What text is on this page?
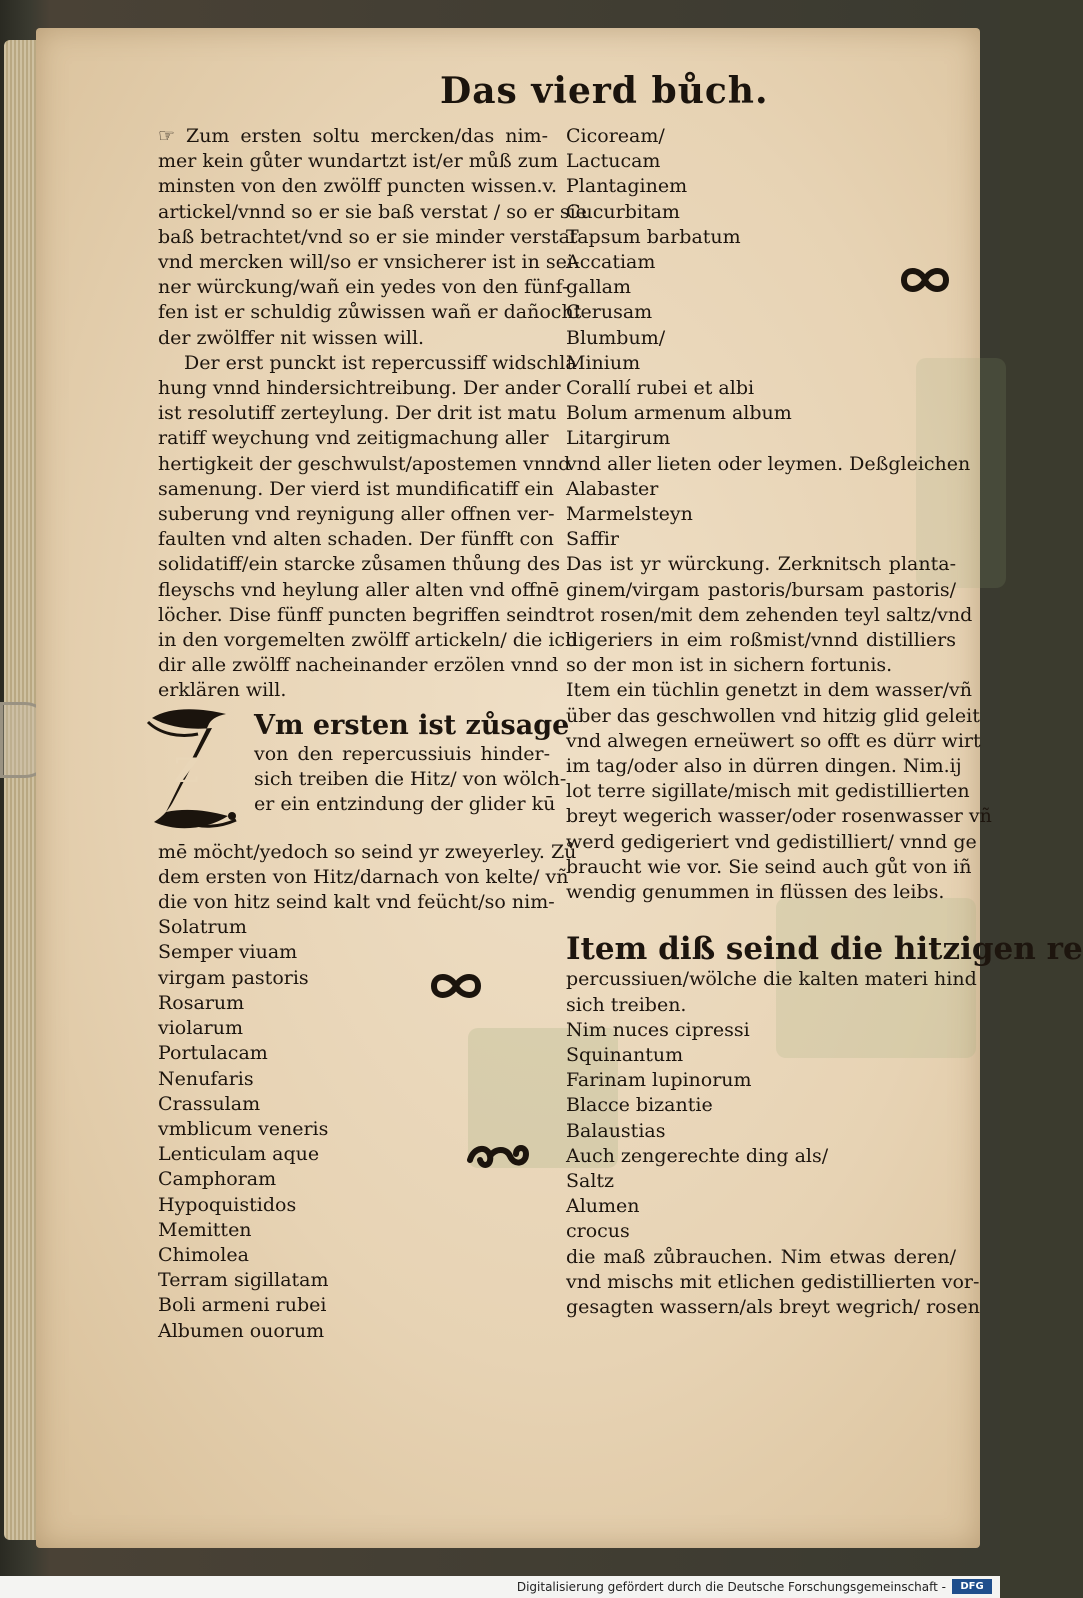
Das vierd bůch.
☞ Zum ersten soltu mercken/das nim-
mer kein gůter wundartzt ist/er můß zum
minsten von den zwölff puncten wissen.v.
artickel/vnnd so er sie baß verstat / so er sie
baß betrachtet/vnd so er sie minder verstat
vnd mercken will/so er vnsicherer ist in sei-
ner würckung/wañ ein yedes von den fünf-
fen ist er schuldig zůwissen wañ er dañocht
der zwölffer nit wissen will.
Der erst punckt ist repercussiff widschla
hung vnnd hindersichtreibung. Der ander
ist resolutiff zerteylung. Der drit ist matu
ratiff weychung vnd zeitigmachung aller
hertigkeit der geschwulst/apostemen vnnd
samenung. Der vierd ist mundificatiff ein
suberung vnd reynigung aller offnen ver-
faulten vnd alten schaden. Der fünfft con
solidatiff/ein starcke zůsamen thůung des
fleyschs vnd heylung aller alten vnd offnē
löcher. Dise fünff puncten begriffen seindt
in den vorgemelten zwölff artickeln/ die ich
dir alle zwölff nacheinander erzölen vnnd
erklären will.
Z
Vm ersten ist zůsage
von den repercussiuis hinder-
sich treiben die Hitz/ von wölch-
er ein entzindung der glider kū
mē möcht/yedoch so seind yr zweyerley. Zů
dem ersten von Hitz/darnach von kelte/ vñ
die von hitz seind kalt vnd feücht/so nim-
Solatrum
Semper viuam
virgam pastoris
Rosarum
violarum
Portulacam
Nenufaris
Crassulam
vmblicum veneris
Lenticulam aque
Camphoram
Hypoquistidos
Memitten
Chimolea
Terram sigillatam
Boli armeni rubei
Albumen ouorum
Cicoream/
Lactucam
Plantaginem
Cucurbitam
Tapsum barbatum
Accatiam
gallam
Cerusam
Blumbum/
Minium
Corallí rubei et albi
Bolum armenum album
Litargirum
vnd aller lieten oder leymen. Deßgleichen
Alabaster
Marmelsteyn
Saffir
Das ist yr würckung. Zerknitsch planta-
ginem/virgam pastoris/bursam pastoris/
rot rosen/mit dem zehenden teyl saltz/vnd
digeriers in eim roßmist/vnnd distilliers
so der mon ist in sichern fortunis.
Item ein tüchlin genetzt in dem wasser/vñ
über das geschwollen vnd hitzig glid geleit
vnd alwegen erneüwert so offt es dürr wirt
im tag/oder also in dürren dingen. Nim.ij
lot terre sigillate/misch mit gedistillierten
breyt wegerich wasser/oder rosenwasser vñ
werd gedigeriert vnd gedistilliert/ vnnd ge
braucht wie vor. Sie seind auch gůt von iñ
wendig genummen in flüssen des leibs.
Item diß seind die hitzigen re
percussiuen/wölche die kalten materi hind
sich treiben.
Nim nuces cipressi
Squinantum
Farinam lupinorum
Blacce bizantie
Balaustias
Auch zengerechte ding als/
Saltz
Alumen
crocus
die maß zůbrauchen. Nim etwas deren/
vnd mischs mit etlichen gedistillierten vor-
gesagten wassern/als breyt wegrich/ rosen
Digitalisierung gefördert durch die Deutsche Forschungsgemeinschaft -	DFG
